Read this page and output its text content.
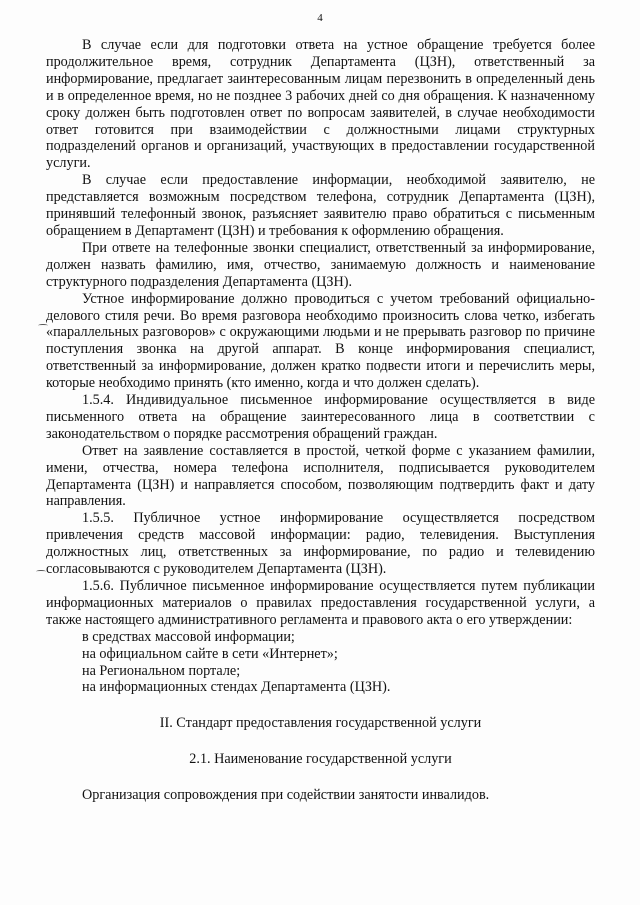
4

В случае если для подготовки ответа на устное обращение требуется более продолжительное время, сотрудник Департамента (ЦЗН), ответственный за информирование, предлагает заинтересованным лицам перезвонить в определенный день и в определенное время, но не позднее 3 рабочих дней со дня обращения. К назначенному сроку должен быть подготовлен ответ по вопросам заявителей, в случае необходимости ответ готовится при взаимодействии с должностными лицами структурных подразделений органов и организаций, участвующих в предоставлении государственной услуги.

В случае если предоставление информации, необходимой заявителю, не представляется возможным посредством телефона, сотрудник Департамента (ЦЗН), принявший телефонный звонок, разъясняет заявителю право обратиться с письменным обращением в Департамент (ЦЗН) и требования к оформлению обращения.

При ответе на телефонные звонки специалист, ответственный за информирование, должен назвать фамилию, имя, отчество, занимаемую должность и наименование структурного подразделения Департамента (ЦЗН).

Устное информирование должно проводиться с учетом требований официально-делового стиля речи. Во время разговора необходимо произносить слова четко, избегать «параллельных разговоров» с окружающими людьми и не прерывать разговор по причине поступления звонка на другой аппарат. В конце информирования специалист, ответственный за информирование, должен кратко подвести итоги и перечислить меры, которые необходимо принять (кто именно, когда и что должен сделать).

1.5.4. Индивидуальное письменное информирование осуществляется в виде письменного ответа на обращение заинтересованного лица в соответствии с законодательством о порядке рассмотрения обращений граждан.

Ответ на заявление составляется в простой, четкой форме с указанием фамилии, имени, отчества, номера телефона исполнителя, подписывается руководителем Департамента (ЦЗН) и направляется способом, позволяющим подтвердить факт и дату направления.

1.5.5. Публичное устное информирование осуществляется посредством привлечения средств массовой информации: радио, телевидения. Выступления должностных лиц, ответственных за информирование, по радио и телевидению согласовываются с руководителем Департамента (ЦЗН).

1.5.6. Публичное письменное информирование осуществляется путем публикации информационных материалов о правилах предоставления государственной услуги, а также настоящего административного регламента и правового акта о его утверждении:

в средствах массовой информации;

на официальном сайте в сети «Интернет»;

на Региональном портале;

на информационных стендах Департамента (ЦЗН).

II. Стандарт предоставления государственной услуги

2.1. Наименование государственной услуги

Организация сопровождения при содействии занятости инвалидов.
